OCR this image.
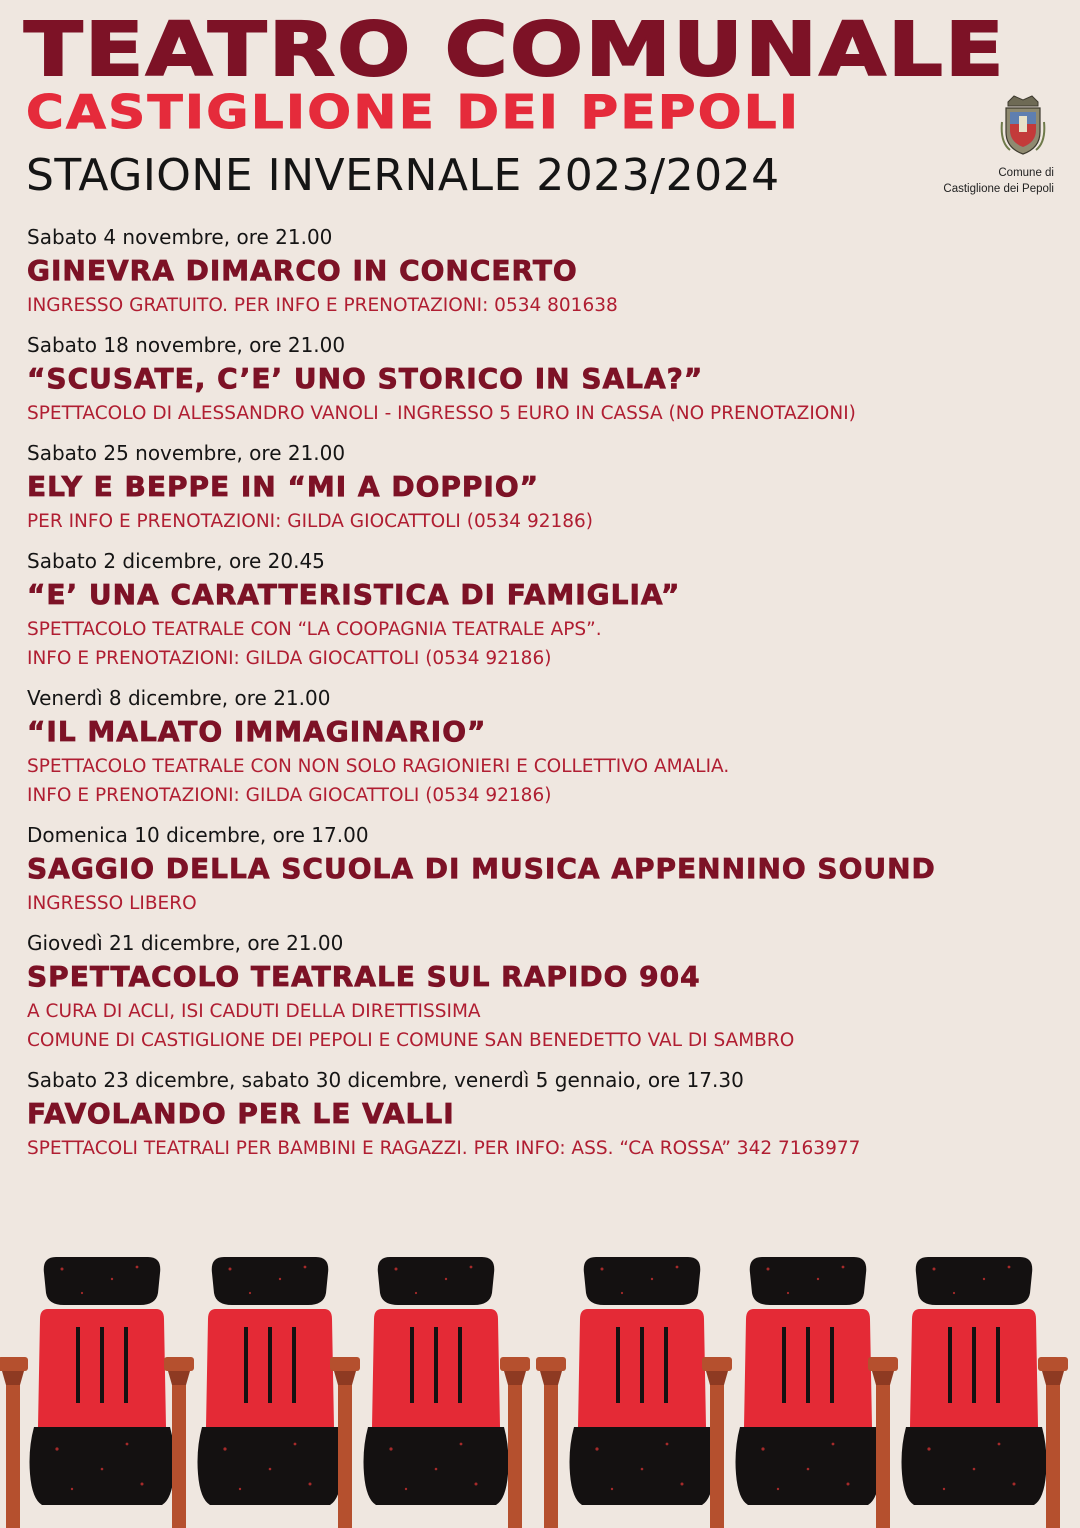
TEATRO COMUNALE
CASTIGLIONE DEI PEPOLI
STAGIONE INVERNALE 2023/2024	Comune di
Castiglione dei Pepoli
Sabato 4 novembre, ore 21.00
GINEVRA DIMARCO IN CONCERTO
INGRESSO GRATUITO. PER INFO E PRENOTAZIONI: 0534 801638
Sabato 18 novembre, ore 21.00
“SCUSATE, C’E’ UNO STORICO IN SALA?”
SPETTACOLO DI ALESSANDRO VANOLI - INGRESSO 5 EURO IN CASSA (NO PRENOTAZIONI)
Sabato 25 novembre, ore 21.00
ELY E BEPPE IN “MI A DOPPIO”
PER INFO E PRENOTAZIONI: GILDA GIOCATTOLI (0534 92186)
Sabato 2 dicembre, ore 20.45
“E’ UNA CARATTERISTICA DI FAMIGLIA”
SPETTACOLO TEATRALE CON “LA COOPAGNIA TEATRALE APS”.
INFO E PRENOTAZIONI: GILDA GIOCATTOLI (0534 92186)
Venerdì 8 dicembre, ore 21.00
“IL MALATO IMMAGINARIO”
SPETTACOLO TEATRALE CON NON SOLO RAGIONIERI E COLLETTIVO AMALIA.
INFO E PRENOTAZIONI: GILDA GIOCATTOLI (0534 92186)
Domenica 10 dicembre, ore 17.00
SAGGIO DELLA SCUOLA DI MUSICA APPENNINO SOUND
INGRESSO LIBERO
Giovedì 21 dicembre, ore 21.00
SPETTACOLO TEATRALE SUL RAPIDO 904
A CURA DI ACLI, ISI CADUTI DELLA DIRETTISSIMA
COMUNE DI CASTIGLIONE DEI PEPOLI E COMUNE SAN BENEDETTO VAL DI SAMBRO
Sabato 23 dicembre, sabato 30 dicembre, venerdì 5 gennaio, ore 17.30
FAVOLANDO PER LE VALLI
SPETTACOLI TEATRALI PER BAMBINI E RAGAZZI. PER INFO: ASS. “CA ROSSA” 342 7163977
